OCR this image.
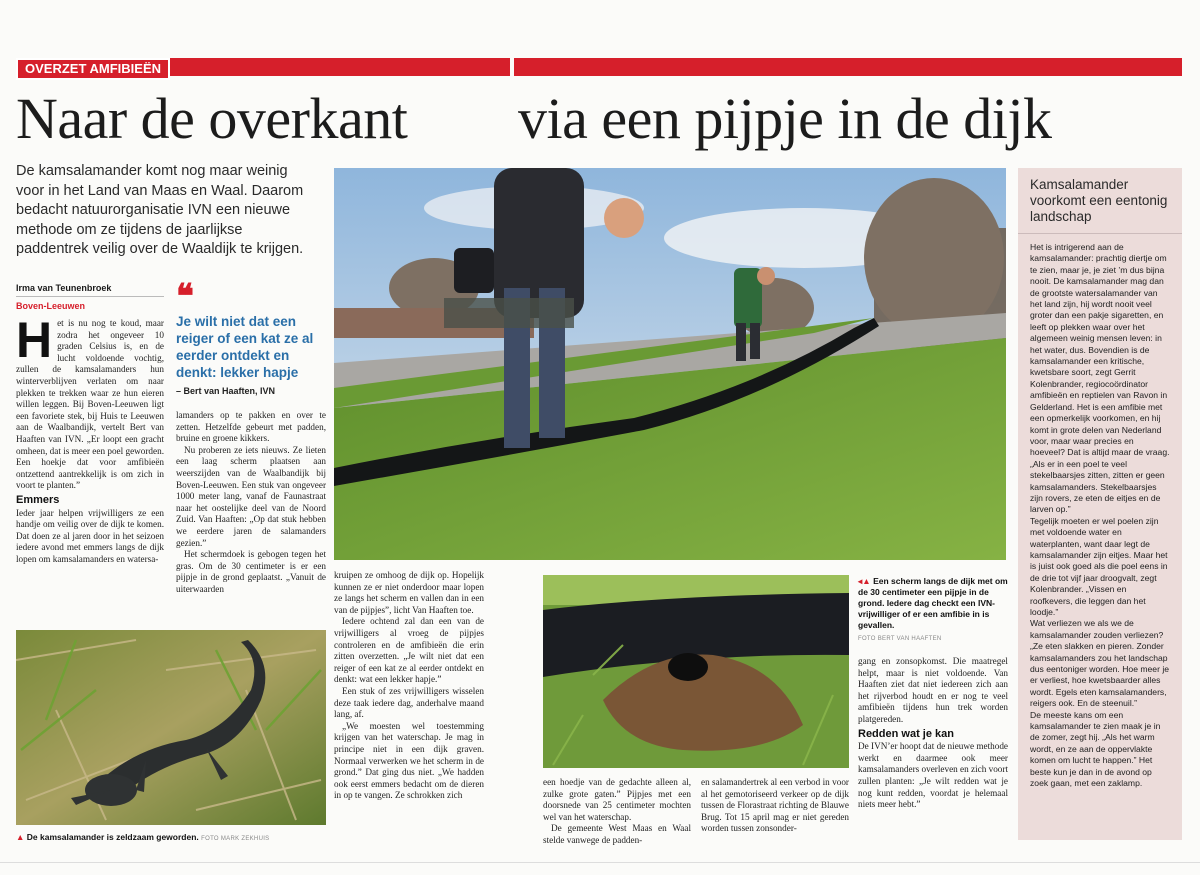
OVERZET AMFIBIEËN
Naar de overkant via een pijpje in de dijk
De kamsalamander komt nog maar weinig voor in het Land van Maas en Waal. Daarom bedacht natuurorganisatie IVN een nieuwe methode om ze tijdens de jaarlijkse paddentrek veilig over de Waaldijk te krijgen.
Irma van Teunenbroek
Boven-Leeuwen
H et is nu nog te koud, maar zodra het ongeveer 10 graden Celsius is, en de lucht voldoende vochtig, zullen de kamsalamanders hun winterverblijven verlaten om naar plekken te trekken waar ze hun eieren willen leggen. Bij Boven-Leeuwen ligt een favoriete stek, bij Huis te Leeuwen aan de Waalbandijk, vertelt Bert van Haaften van IVN. „Er loopt een gracht omheen, dat is meer een poel geworden. Een hoekje dat voor amfibieën ontzettend aantrekkelijk is om zich in voort te planten.”

Emmers

Ieder jaar helpen vrijwilligers ze een handje om veilig over de dijk te komen. Dat doen ze al jaren door in het seizoen iedere avond met emmers langs de dijk lopen om kamsalamanders en watersa-

❛❛
Je wilt niet dat een reiger of een kat ze al eerder ontdekt en denkt: lekker hapje
– Bert van Haaften, IVN

lamanders op te pakken en over te zetten. Hetzelfde gebeurt met padden, bruine en groene kikkers.

Nu proberen ze iets nieuws. Ze lieten een laag scherm plaatsen aan weerszijden van de Waalbandijk bij Boven-Leeuwen. Een stuk van ongeveer 1000 meter lang, vanaf de Faunastraat naar het oostelijke deel van de Noord Zuid. Van Haaften: „Op dat stuk hebben we eerdere jaren de salamanders gezien.”

Het schermdoek is gebogen tegen het gras. Om de 30 centimeter is er een pijpje in de grond geplaatst. „Vanuit de uiterwaarden

▲ De kamsalamander is zeldzaam geworden. FOTO MARK ZEKHUIS

kruipen ze omhoog de dijk op. Hopelijk kunnen ze er niet onderdoor maar lopen ze langs het scherm en vallen dan in een van de pijpjes”, licht Van Haaften toe.

Iedere ochtend zal dan een van de vrijwilligers al vroeg de pijpjes controleren en de amfibieën die erin zitten overzetten. „Je wilt niet dat een reiger of een kat ze al eerder ontdekt en denkt: wat een lekker hapje.”

Een stuk of zes vrijwilligers wisselen deze taak iedere dag, anderhalve maand lang, af.

„We moesten wel toestemming krijgen van het waterschap. Je mag in principe niet in een dijk graven. Normaal verwerken we het scherm in de grond.” Dat ging dus niet. „We hadden ook eerst emmers bedacht om de dieren in op te vangen. Ze schrokken zich

een hoedje van de gedachte alleen al, zulke grote gaten.” Pijpjes met een doorsnede van 25 centimeter mochten wel van het waterschap.

De gemeente West Maas en Waal stelde vanwege de padden-

en salamandertrek al een verbod in voor al het gemotoriseerd verkeer op de dijk tussen de Florastraat richting de Blauwe Brug. Tot 15 april mag er niet gereden worden tussen zonsonder-

◂▲ Een scherm langs de dijk met om de 30 centimeter een pijpje in de grond. Iedere dag checkt een IVN-vrijwilliger of er een amfibie in is gevallen.
FOTO BERT VAN HAAFTEN

gang en zonsopkomst. Die maatregel helpt, maar is niet voldoende. Van Haaften ziet dat niet iedereen zich aan het rijverbod houdt en er nog te veel amfibieën tijdens hun trek worden platgereden.

Redden wat je kan

De IVN’er hoopt dat de nieuwe methode werkt en daarmee ook meer kamsalamanders overleven en zich voort zullen planten: „Je wilt redden wat je nog kunt redden, voordat je helemaal niets meer hebt.”

Kamsalamander voorkomt een eentonig landschap

Het is intrigerend aan de kamsalamander: prachtig diertje om te zien, maar je, je ziet ’m dus bijna nooit. De kamsalamander mag dan de grootste watersalamander van het land zijn, hij wordt nooit veel groter dan een pakje sigaretten, en leeft op plekken waar over het algemeen weinig mensen leven: in het water, dus. Bovendien is de kamsalamander een kritische, kwetsbare soort, zegt Gerrit Kolenbrander, regiocoördinator amfibieën en reptielen van Ravon in Gelderland. Het is een amfibie met een opmerkelijk voorkomen, en hij komt in grote delen van Nederland voor, maar waar precies en hoeveel? Dat is altijd maar de vraag.

„Als er in een poel te veel stekelbaarsjes zitten, zitten er geen kamsalamanders. Stekelbaarsjes zijn rovers, ze eten de eitjes en de larven op.”

Tegelijk moeten er wel poelen zijn met voldoende water en waterplanten, want daar legt de kamsalamander zijn eitjes. Maar het is juist ook goed als die poel eens in de drie tot vijf jaar droogvalt, zegt Kolenbrander. „Vissen en roofkevers, die leggen dan het loodje.”

Wat verliezen we als we de kamsalamander zouden verliezen? „Ze eten slakken en pieren. Zonder kamsalamanders zou het landschap dus eentoniger worden. Hoe meer je er verliest, hoe kwetsbaarder alles wordt. Egels eten kamsalamanders, reigers ook. En de steenuil.”

De meeste kans om een kamsalamander te zien maak je in de zomer, zegt hij. „Als het warm wordt, en ze aan de oppervlakte komen om lucht te happen.” Het beste kun je dan in de avond op zoek gaan, met een zaklamp.
